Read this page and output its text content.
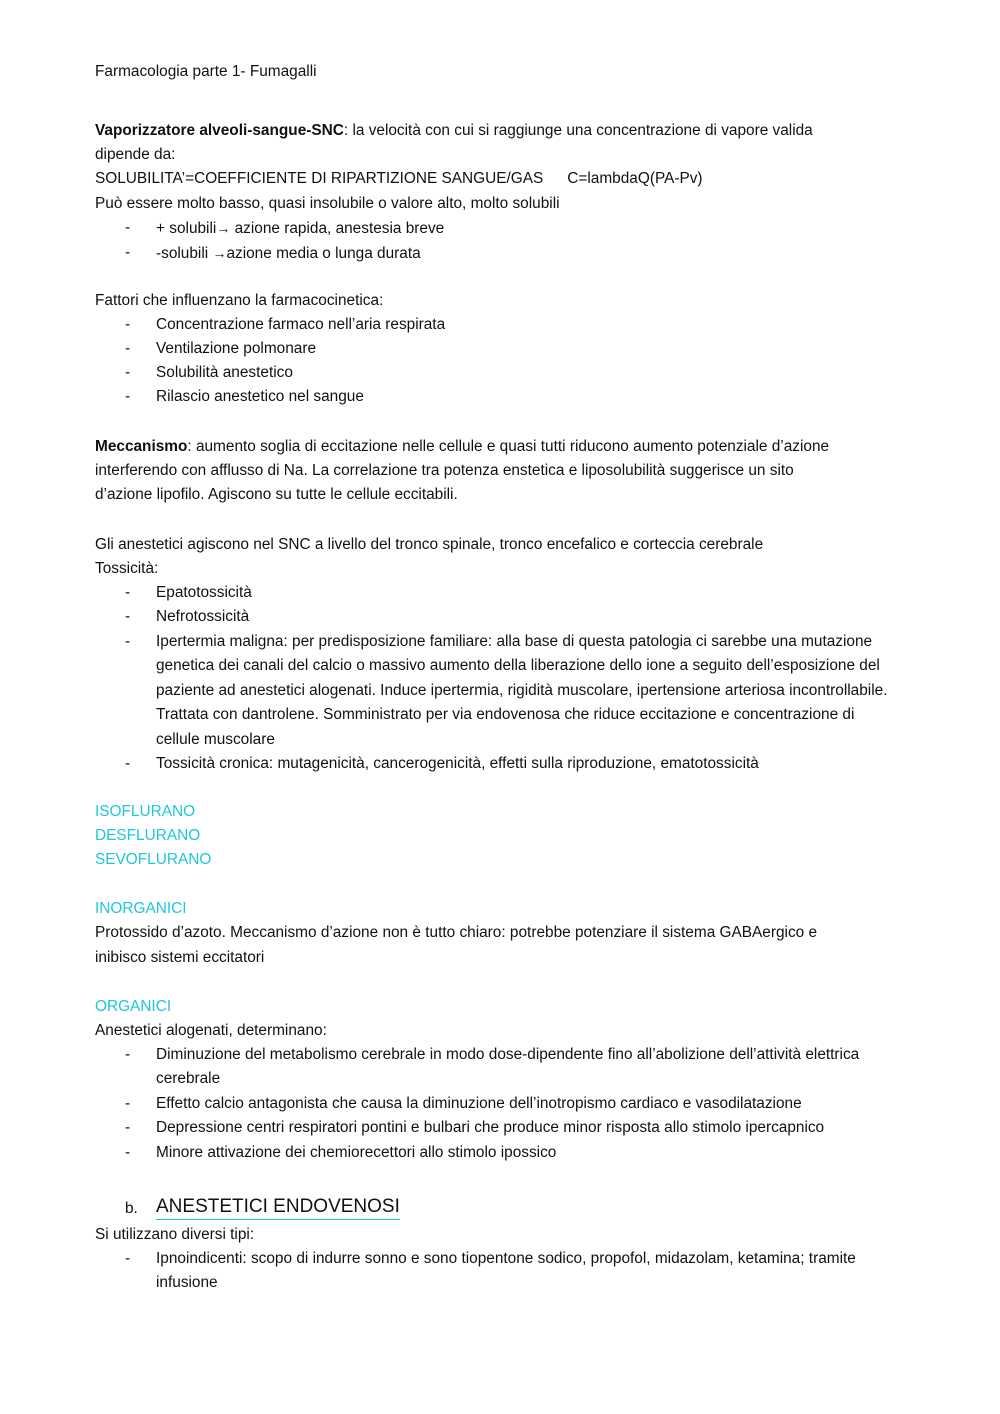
Farmacologia parte 1- Fumagalli
Vaporizzatore alveoli-sangue-SNC: la velocità con cui si raggiunge una concentrazione di vapore valida
dipende da:
SOLUBILITA’=COEFFICIENTE DI RIPARTIZIONE SANGUE/GAS C=lambdaQ(PA-Pv)
Può essere molto basso, quasi insolubile o valore alto, molto solubili
- + solubili→ azione rapida, anestesia breve
- -solubili →azione media o lunga durata
Fattori che influenzano la farmacocinetica:
- Concentrazione farmaco nell’aria respirata
- Ventilazione polmonare
- Solubilità anestetico
- Rilascio anestetico nel sangue
Meccanismo: aumento soglia di eccitazione nelle cellule e quasi tutti riducono aumento potenziale d’azione
interferendo con afflusso di Na. La correlazione tra potenza enstetica e liposolubilità suggerisce un sito
d’azione lipofilo. Agiscono su tutte le cellule eccitabili.
Gli anestetici agiscono nel SNC a livello del tronco spinale, tronco encefalico e corteccia cerebrale
Tossicità:
- Epatotossicità
- Nefrotossicità
- Ipertermia maligna: per predisposizione familiare: alla base di questa patologia ci sarebbe una mutazione genetica dei canali del calcio o massivo aumento della liberazione dello ione a seguito dell’esposizione del paziente ad anestetici alogenati. Induce ipertermia, rigidità muscolare, ipertensione arteriosa incontrollabile. Trattata con dantrolene. Somministrato per via endovenosa che riduce eccitazione e concentrazione di cellule muscolare
- Tossicità cronica: mutagenicità, cancerogenicità, effetti sulla riproduzione, ematotossicità
ISOFLURANO
DESFLURANO
SEVOFLURANO
INORGANICI
Protossido d’azoto. Meccanismo d’azione non è tutto chiaro: potrebbe potenziare il sistema GABAergico e
inibisco sistemi eccitatori
ORGANICI
Anestetici alogenati, determinano:
- Diminuzione del metabolismo cerebrale in modo dose-dipendente fino all’abolizione dell’attività elettrica cerebrale
- Effetto calcio antagonista che causa la diminuzione dell’inotropismo cardiaco e vasodilatazione
- Depressione centri respiratori pontini e bulbari che produce minor risposta allo stimolo ipercapnico
- Minore attivazione dei chemiorecettori allo stimolo ipossico
b. ANESTETICI ENDOVENOSI
Si utilizzano diversi tipi:
- Ipnoindicenti: scopo di indurre sonno e sono tiopentone sodico, propofol, midazolam, ketamina; tramite infusione
